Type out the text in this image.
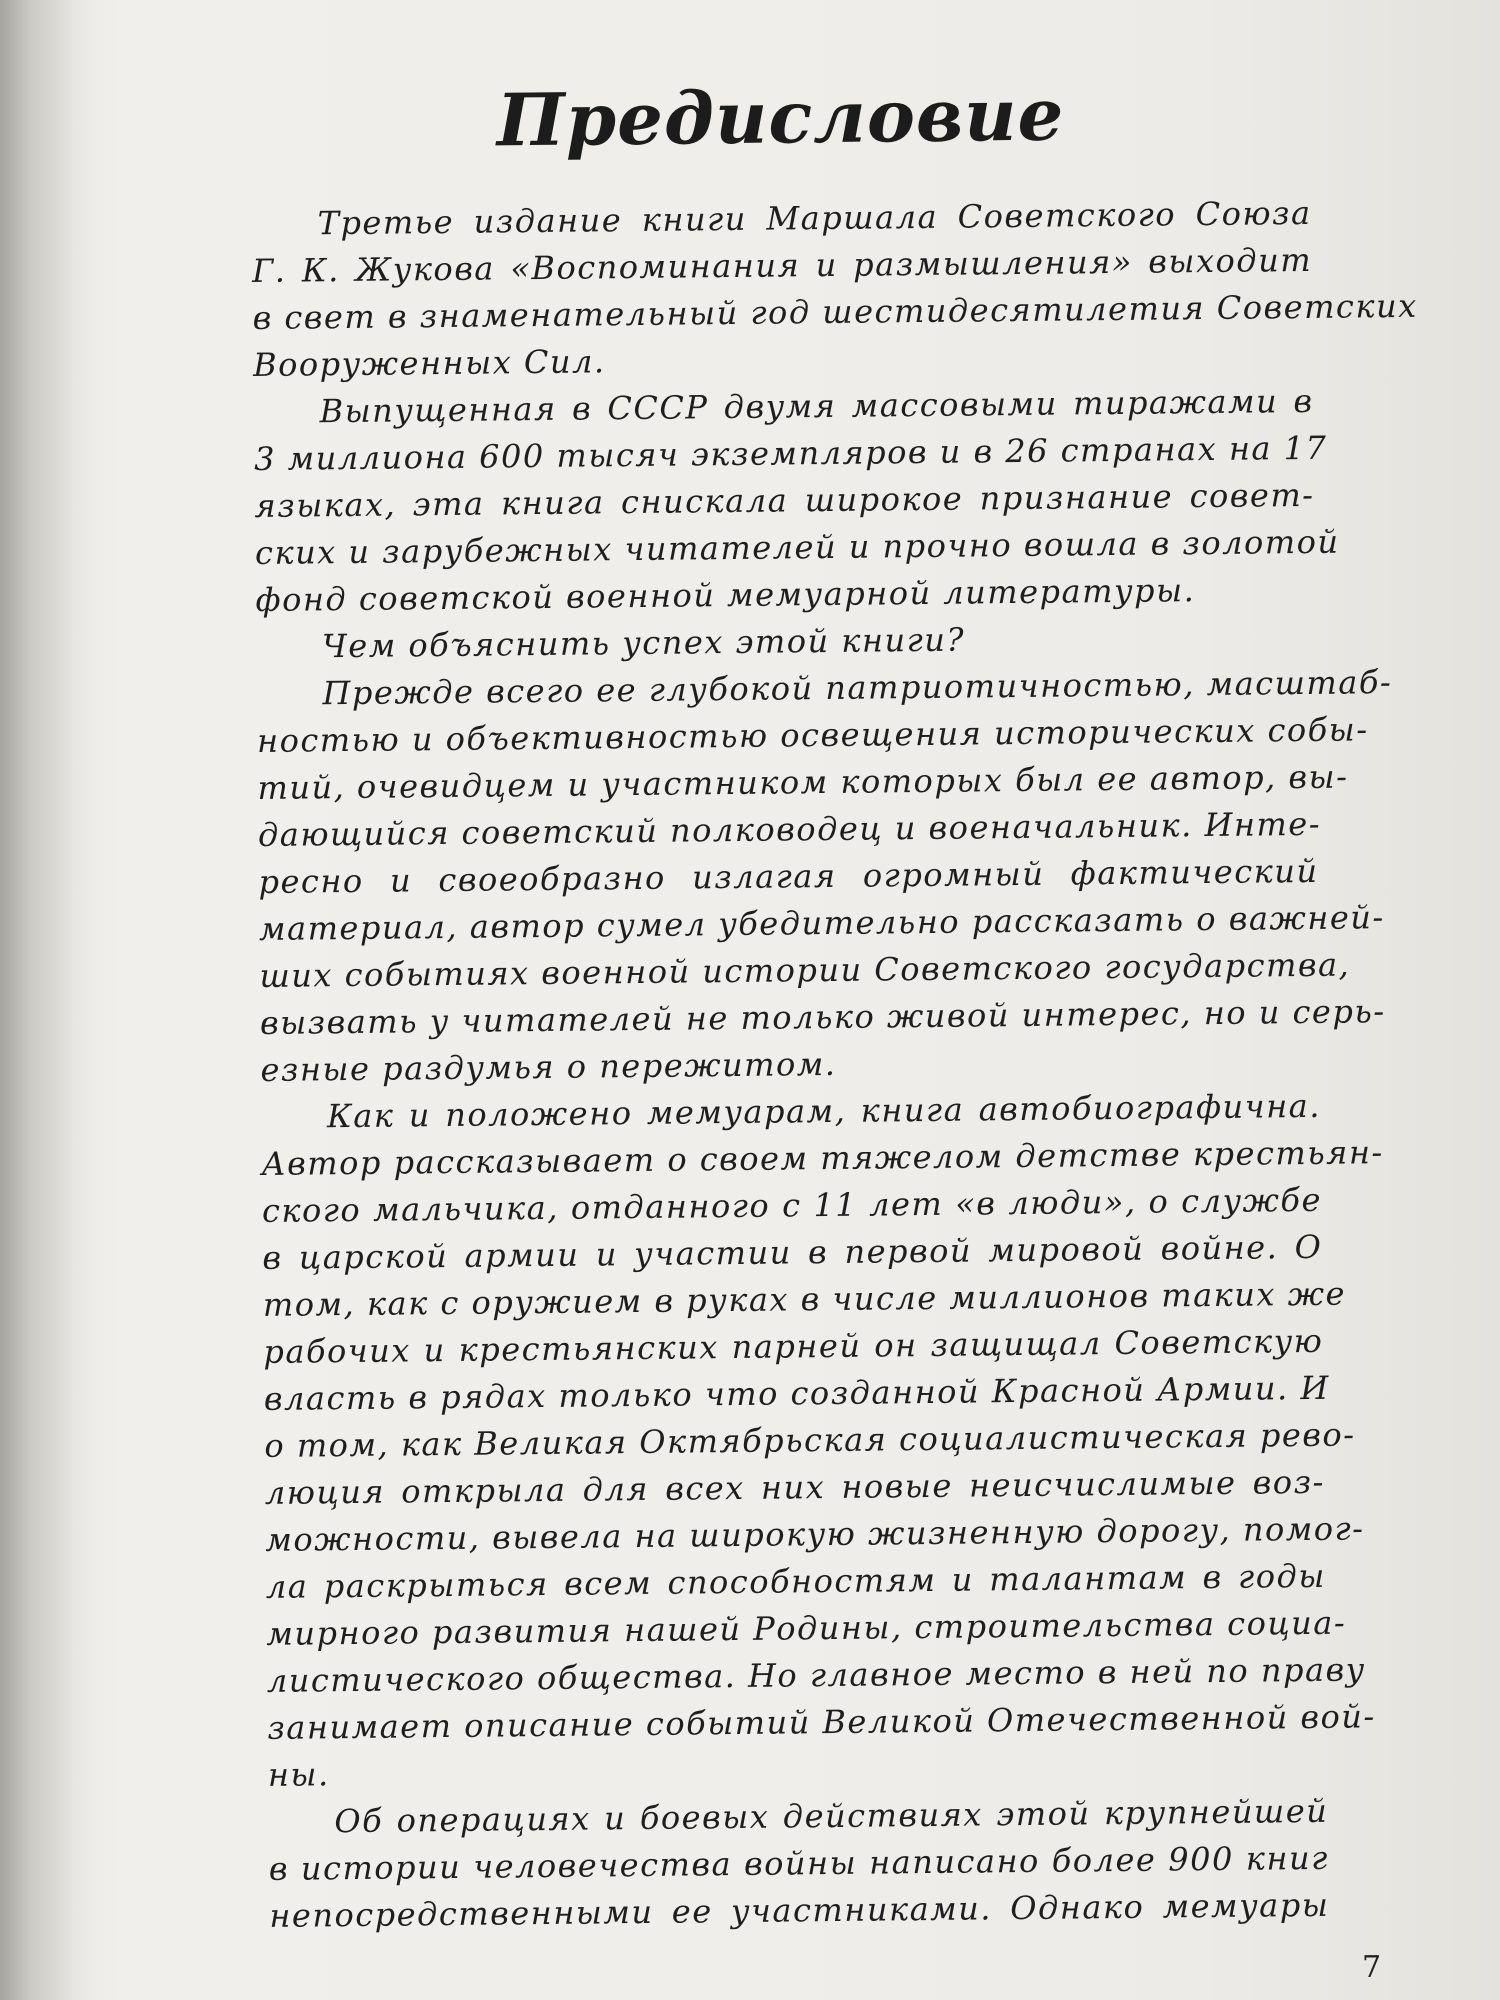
Предисловие
Третье издание книги Маршала Советского Союза
Г. К. Жукова «Воспоминания и размышления» выходит
в свет в знаменательный год шестидесятилетия Советских
Вооруженных Сил.
Выпущенная в СССР двумя массовыми тиражами в
3 миллиона 600 тысяч экземпляров и в 26 странах на 17
языках, эта книга снискала широкое признание совет-
ских и зарубежных читателей и прочно вошла в золотой
фонд советской военной мемуарной литературы.
Чем объяснить успех этой книги?
Прежде всего ее глубокой патриотичностью, масштаб-
ностью и объективностью освещения исторических собы-
тий, очевидцем и участником которых был ее автор, вы-
дающийся советский полководец и военачальник. Инте-
ресно и своеобразно излагая огромный фактический
материал, автор сумел убедительно рассказать о важней-
ших событиях военной истории Советского государства,
вызвать у читателей не только живой интерес, но и серь-
езные раздумья о пережитом.
Как и положено мемуарам, книга автобиографична.
Автор рассказывает о своем тяжелом детстве крестьян-
ского мальчика, отданного с 11 лет «в люди», о службе
в царской армии и участии в первой мировой войне. О
том, как с оружием в руках в числе миллионов таких же
рабочих и крестьянских парней он защищал Советскую
власть в рядах только что созданной Красной Армии. И
о том, как Великая Октябрьская социалистическая рево-
люция открыла для всех них новые неисчислимые воз-
можности, вывела на широкую жизненную дорогу, помог-
ла раскрыться всем способностям и талантам в годы
мирного развития нашей Родины, строительства социа-
листического общества. Но главное место в ней по праву
занимает описание событий Великой Отечественной вой-
ны.
Об операциях и боевых действиях этой крупнейшей
в истории человечества войны написано более 900 книг
непосредственными ее участниками. Однако мемуары
7
